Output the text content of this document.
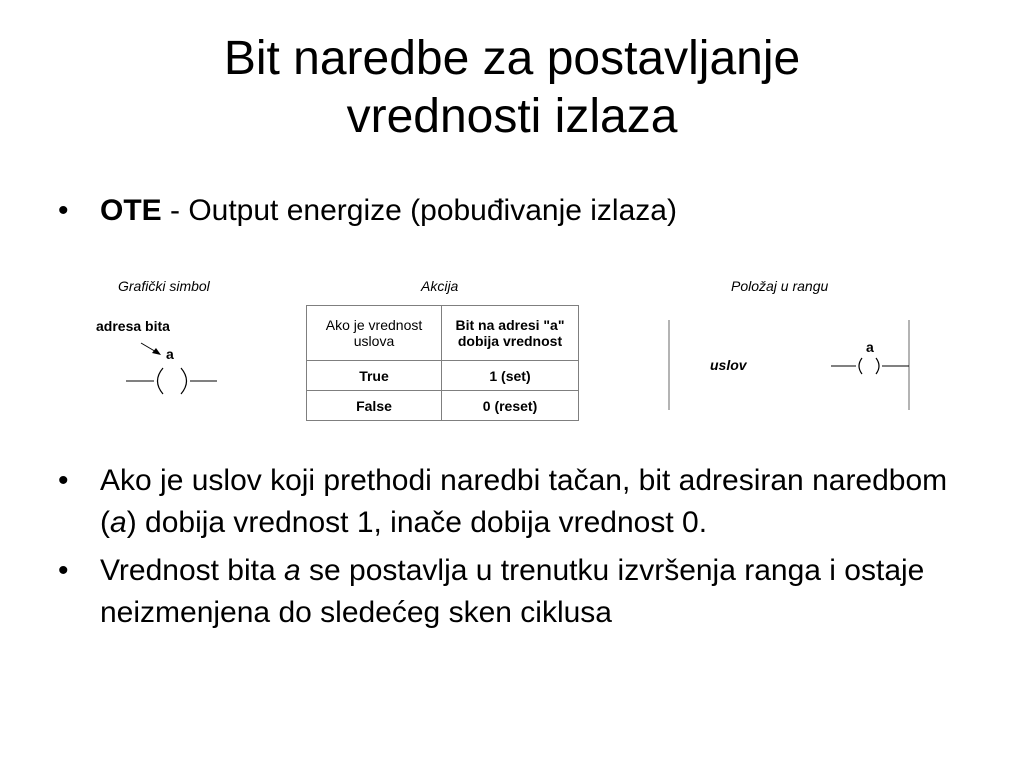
Bit naredbe za postavljanje
vrednosti izlaza
• OTE - Output energize (pobuđivanje izlaza)
Grafički simbol	Akcija	Položaj u rangu
adresa bita
a
uslov
a
Ako je vrednost uslova	Bit na adresi "a" dobija vrednost
True	1 (set)
False	0 (reset)
• Ako je uslov koji prethodi naredbi tačan, bit adresiran naredbom (a) dobija vrednost 1, inače dobija vrednost 0.
• Vrednost bita a se postavlja u trenutku izvršenja ranga i ostaje neizmenjena do sledećeg sken ciklusa
